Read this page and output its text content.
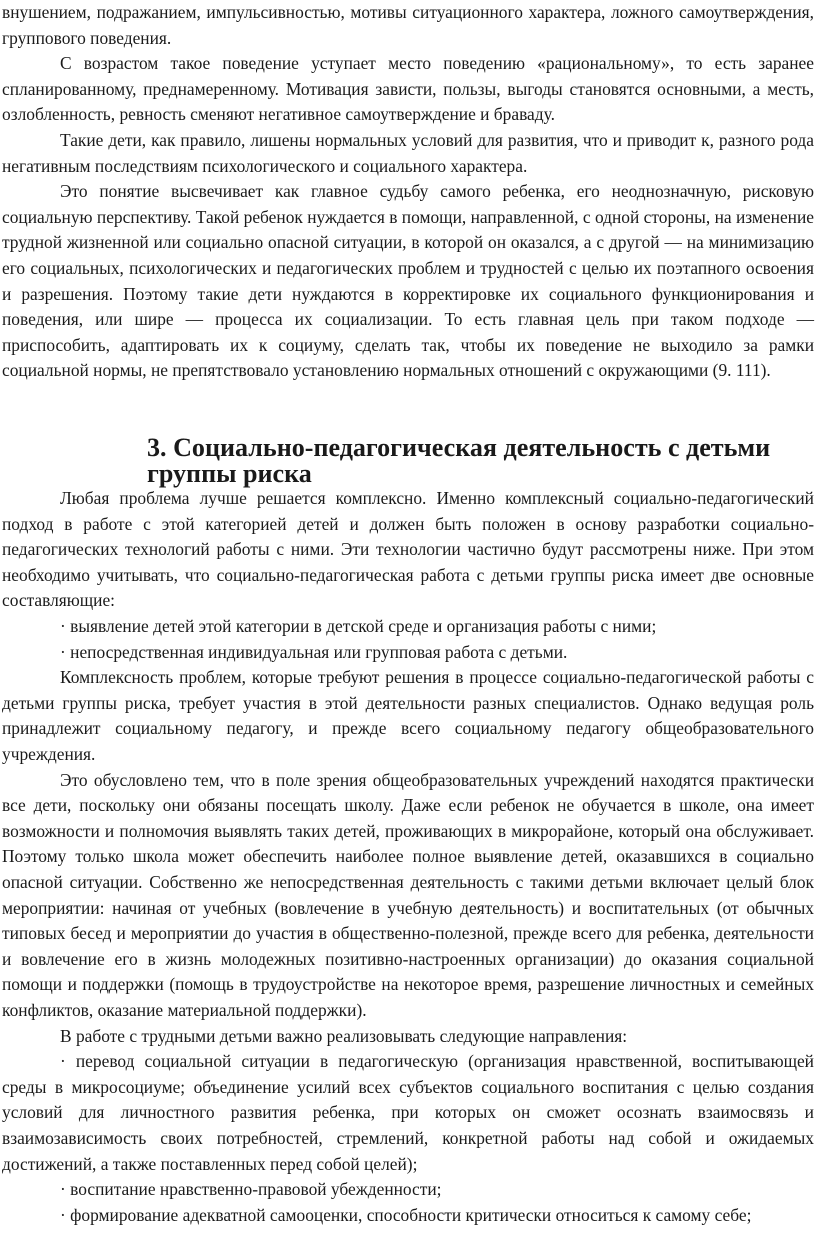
внушением, подражанием, импульсивностью, мотивы ситуационного характера, ложного самоутверждения, группового поведения.

С возрастом такое поведение уступает место поведению «рациональному», то есть заранее спланированному, преднамеренному. Мотивация зависти, пользы, выгоды становятся основными, а месть, озлобленность, ревность сменяют негативное самоутверждение и браваду.

Такие дети, как правило, лишены нормальных условий для развития, что и приводит к, разного рода негативным последствиям психологического и социального характера.

Это понятие высвечивает как главное судьбу самого ребенка, его неоднозначную, рисковую социальную перспективу. Такой ребенок нуждается в помощи, направленной, с одной стороны, на изменение трудной жизненной или социально опасной ситуации, в которой он оказался, а с другой — на минимизацию его социальных, психологических и педагогических проблем и трудностей с целью их поэтапного освоения и разрешения. Поэтому такие дети нуждаются в корректировке их социального функционирования и поведения, или шире — процесса их социализации. То есть главная цель при таком подходе — приспособить, адаптировать их к социуму, сделать так, чтобы их поведение не выходило за рамки социальной нормы, не препятствовало установлению нормальных отношений с окружающими (9. 111).

3. Социально-педагогическая деятельность с детьми группы риска

Любая проблема лучше решается комплексно. Именно комплексный социально-педагогический подход в работе с этой категорией детей и должен быть положен в основу разработки социально-педагогических технологий работы с ними. Эти технологии частично будут рассмотрены ниже. При этом необходимо учитывать, что социально-педагогическая работа с детьми группы риска имеет две основные составляющие:

· выявление детей этой категории в детской среде и организация работы с ними;

· непосредственная индивидуальная или групповая работа с детьми.

Комплексность проблем, которые требуют решения в процессе социально-педагогической работы с детьми группы риска, требует участия в этой деятельности разных специалистов. Однако ведущая роль принадлежит социальному педагогу, и прежде всего социальному педагогу общеобразовательного учреждения.

Это обусловлено тем, что в поле зрения общеобразовательных учреждений находятся практически все дети, поскольку они обязаны посещать школу. Даже если ребенок не обучается в школе, она имеет возможности и полномочия выявлять таких детей, проживающих в микрорайоне, который она обслуживает. Поэтому только школа может обеспечить наиболее полное выявление детей, оказавшихся в социально опасной ситуации. Собственно же непосредственная деятельность с такими детьми включает целый блок мероприятии: начиная от учебных (вовлечение в учебную деятельность) и воспитательных (от обычных типовых бесед и мероприятии до участия в общественно-полезной, прежде всего для ребенка, деятельности и вовлечение его в жизнь молодежных позитивно-настроенных организации) до оказания социальной помощи и поддержки (помощь в трудоустройстве на некоторое время, разрешение личностных и семейных конфликтов, оказание материальной поддержки).

В работе с трудными детьми важно реализовывать следующие направления:

· перевод социальной ситуации в педагогическую (организация нравственной, воспитывающей среды в микросоциуме; объединение усилий всех субъектов социального воспитания с целью создания условий для личностного развития ребенка, при которых он сможет осознать взаимосвязь и взаимозависимость своих потребностей, стремлений, конкретной работы над собой и ожидаемых достижений, а также поставленных перед собой целей);

· воспитание нравственно-правовой убежденности;

· формирование адекватной самооценки, способности критически относиться к самому себе;
